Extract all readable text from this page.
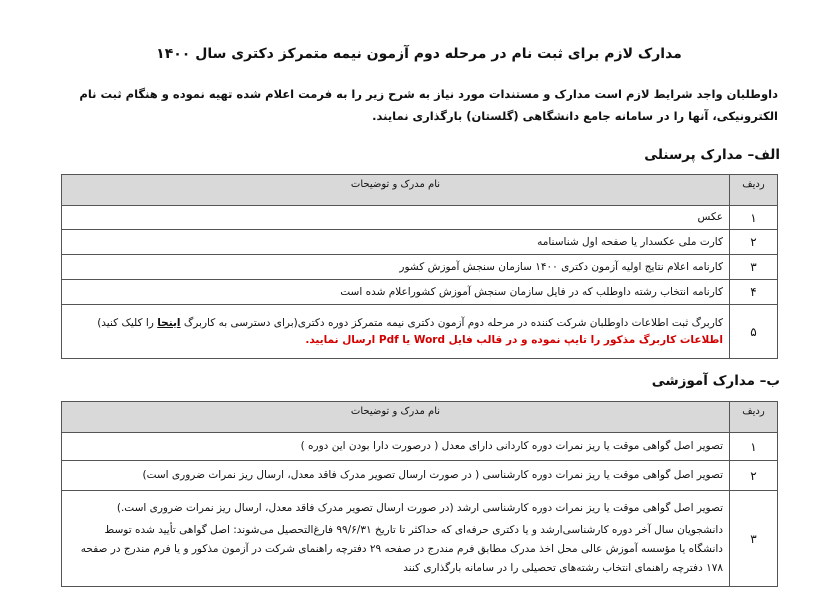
مدارک لازم برای ثبت نام در مرحله دوم آزمون نیمه متمرکز دکتری سال ۱۴۰۰
داوطلبان واجد شرایط لازم است مدارک و مستندات مورد نیاز به شرح زیر را به فرمت اعلام شده تهیه نموده و هنگام ثبت نام الکترونیکی، آنها را در سامانه جامع دانشگاهی (گلستان) بارگذاری نمایند.
الف– مدارک پرسنلی
ردیف	نام مدرک و توضیحات
۱	عکس
۲	کارت ملی عکسدار یا صفحه اول شناسنامه
۳	کارنامه اعلام نتایج اولیه آزمون دکتری ۱۴۰۰ سازمان سنجش آموزش کشور
۴	کارنامه انتخاب رشته داوطلب که در فایل سازمان سنجش آموزش کشوراعلام شده است
۵	کاربرگ ثبت اطلاعات داوطلبان شرکت کننده در مرحله دوم آزمون دکتری نیمه متمرکز دوره دکتری(برای دسترسی به کاربرگ اینجا را کلیک کنید)
اطلاعات کاربرگ مذکور را تایپ نموده و در قالب فایل Word یا Pdf ارسال نمایید.
ب– مدارک آموزشی
ردیف	نام مدرک و توضیحات
۱	تصویر اصل گواهی موقت یا ریز نمرات دوره کاردانی دارای معدل ( درصورت دارا بودن این دوره )
۲	تصویر اصل گواهی موقت یا ریز نمرات دوره کارشناسی ( در صورت ارسال تصویر مدرک فاقد معدل، ارسال ریز نمرات ضروری است)
۳	تصویر اصل گواهی موقت یا ریز نمرات دوره کارشناسی ارشد (در صورت ارسال تصویر مدرک فاقد معدل، ارسال ریز نمرات ضروری است.)
دانشجویان سال آخر دوره کارشناسی‌ارشد و یا دکتری حرفه‌ای که حداکثر تا تاریخ ۹۹/۶/۳۱ فارغ‌التحصیل می‌شوند: اصل گواهی تأیید شده توسط دانشگاه یا مؤسسه آموزش عالی محل اخذ مدرک مطابق فرم مندرج در صفحه ۲۹ دفترچه راهنمای شرکت در آزمون مذکور و یا فرم مندرج در صفحه ۱۷۸ دفترچه راهنمای انتخاب رشته‌های تحصیلی را در سامانه بارگذاری کنند
